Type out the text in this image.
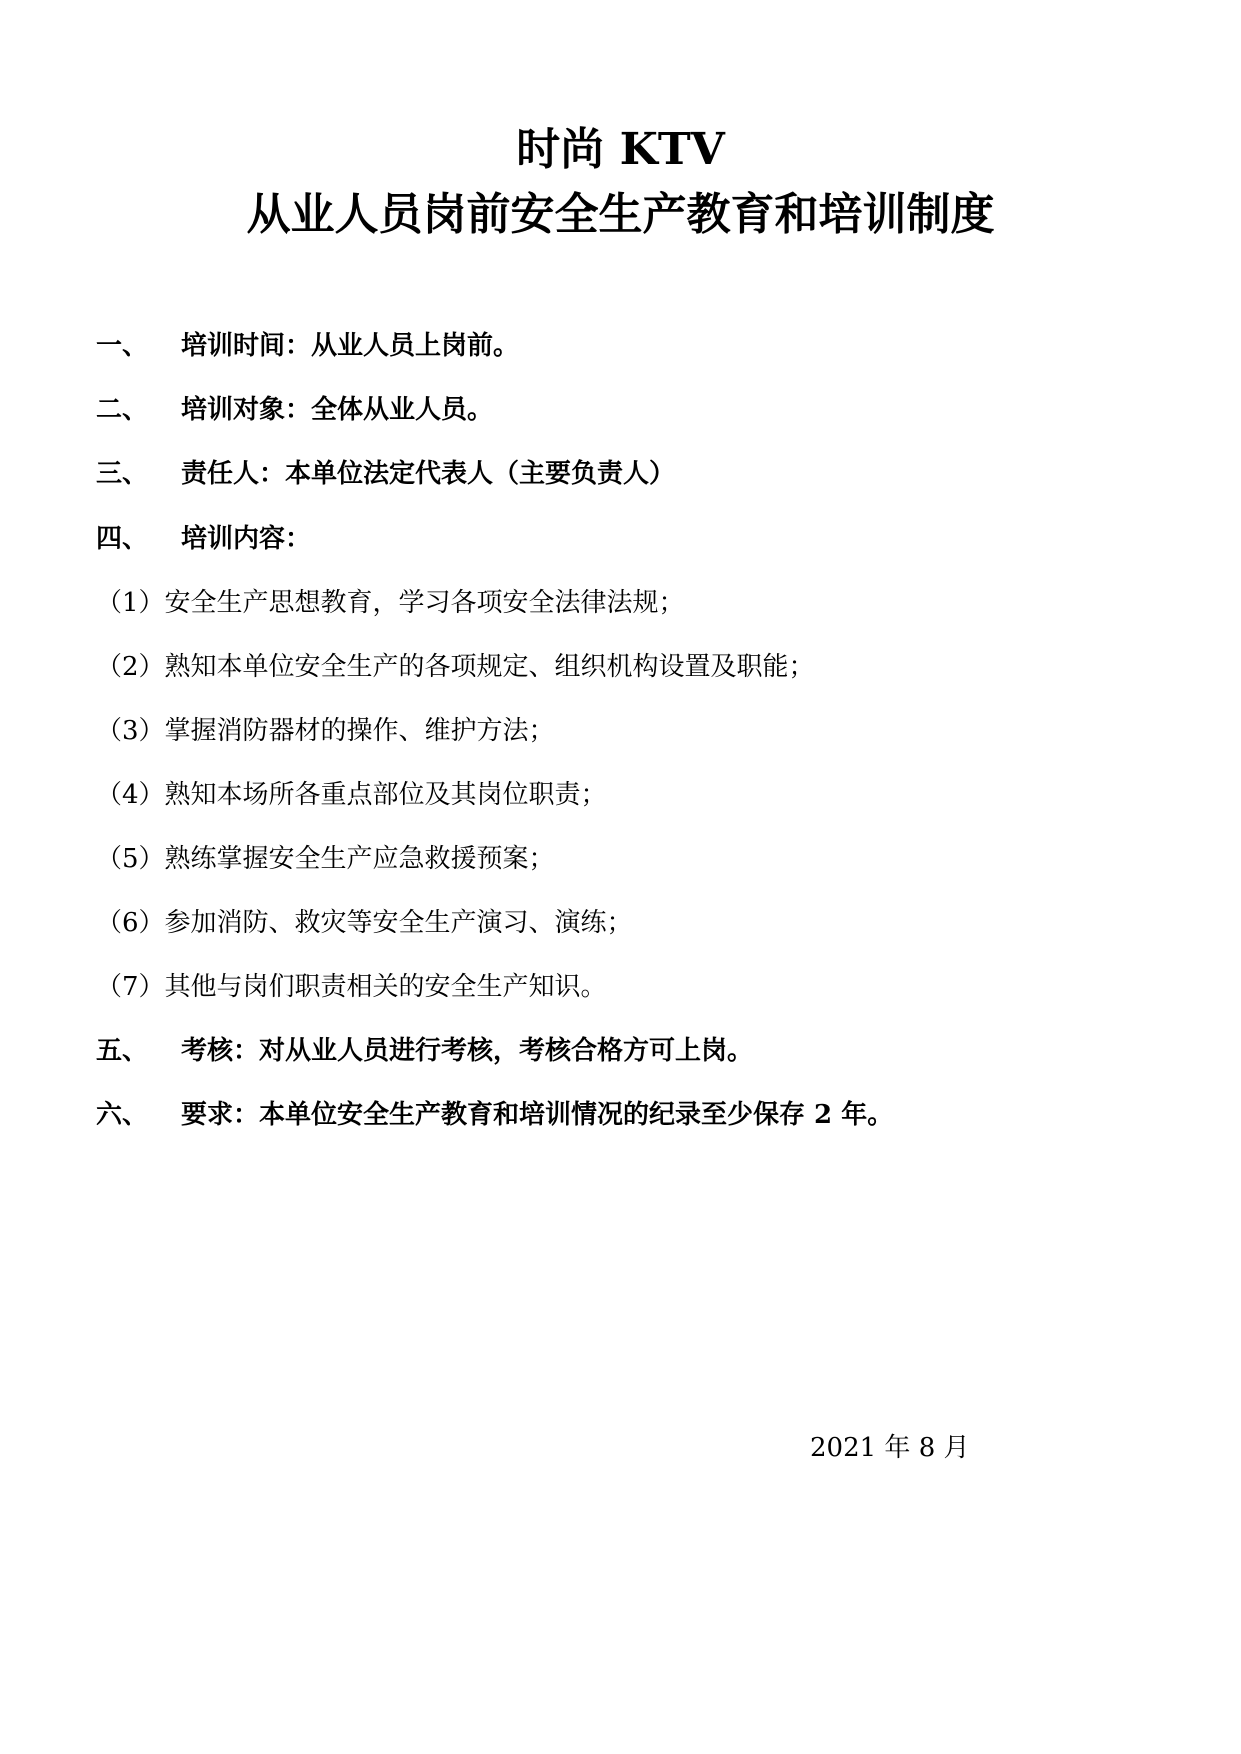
时尚 KTV
从业人员岗前安全生产教育和培训制度
一、 培训时间：从业人员上岗前。
二、 培训对象：全体从业人员。
三、 责任人：本单位法定代表人（主要负责人）
四、 培训内容：
（1）安全生产思想教育，学习各项安全法律法规；
（2）熟知本单位安全生产的各项规定、组织机构设置及职能；
（3）掌握消防器材的操作、维护方法；
（4）熟知本场所各重点部位及其岗位职责；
（5）熟练掌握安全生产应急救援预案；
（6）参加消防、救灾等安全生产演习、演练；
（7）其他与岗们职责相关的安全生产知识。
五、 考核：对从业人员进行考核，考核合格方可上岗。
六、 要求：本单位安全生产教育和培训情况的纪录至少保存 2 年。
2021 年 8 月
